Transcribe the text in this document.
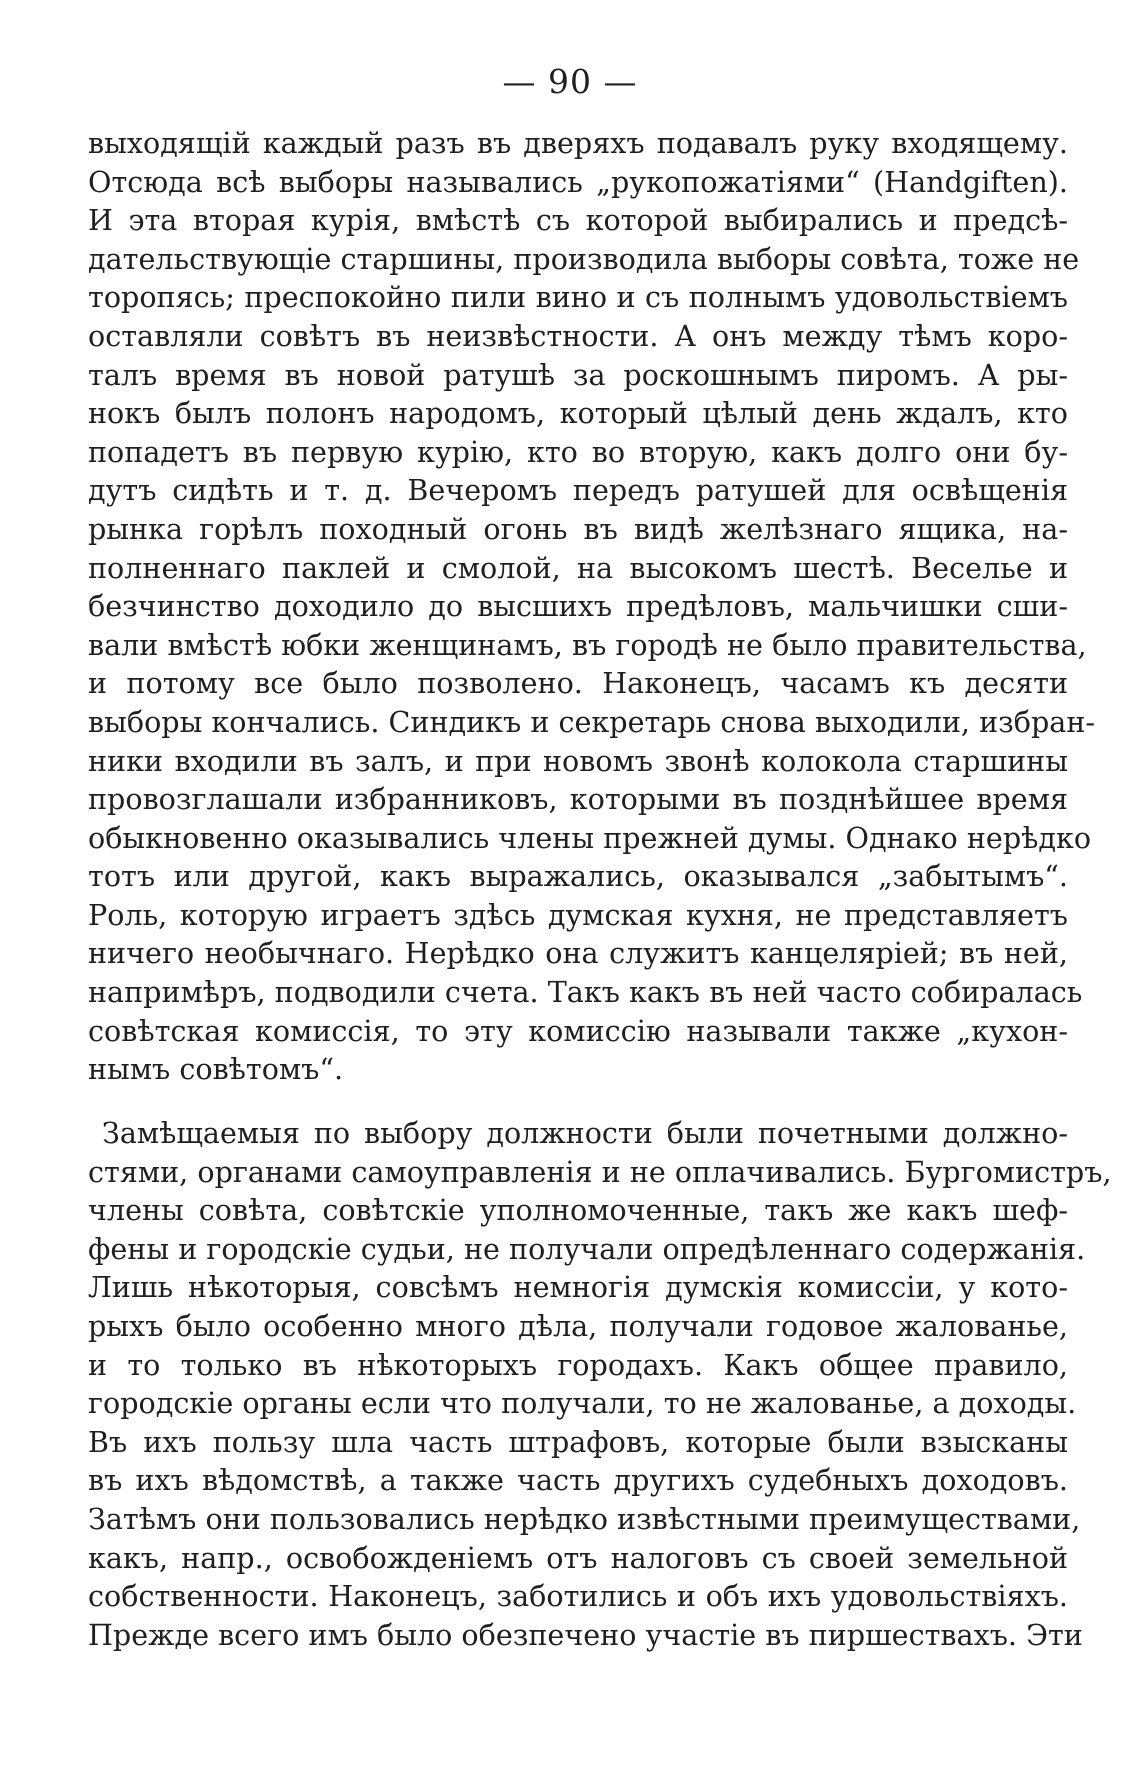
— 90 —
выходящій каждый разъ въ дверяхъ подавалъ руку входящему.
Отсюда всѣ выборы назывались „рукопожатіями“ (Handgiften).
И эта вторая курія, вмѣстѣ съ которой выбирались и предсѣ-
дательствующіе старшины, производила выборы совѣта, тоже не
торопясь; преспокойно пили вино и съ полнымъ удовольствіемъ
оставляли совѣтъ въ неизвѣстности. А онъ между тѣмъ коро-
талъ время въ новой ратушѣ за роскошнымъ пиромъ. А ры-
нокъ былъ полонъ народомъ, который цѣлый день ждалъ, кто
попадетъ въ первую курію, кто во вторую, какъ долго они бу-
дутъ сидѣть и т. д. Вечеромъ передъ ратушей для освѣщенія
рынка горѣлъ походный огонь въ видѣ желѣзнаго ящика, на-
полненнаго паклей и смолой, на высокомъ шестѣ. Веселье и
безчинство доходило до высшихъ предѣловъ, мальчишки сши-
вали вмѣстѣ юбки женщинамъ, въ городѣ не было правительства,
и потому все было позволено. Наконецъ, часамъ къ десяти
выборы кончались. Синдикъ и секретарь снова выходили, избран-
ники входили въ залъ, и при новомъ звонѣ колокола старшины
провозглашали избранниковъ, которыми въ позднѣйшее время
обыкновенно оказывались члены прежней думы. Однако нерѣдко
тотъ или другой, какъ выражались, оказывался „забытымъ“.
Роль, которую играетъ здѣсь думская кухня, не представляетъ
ничего необычнаго. Нерѣдко она служитъ канцеляріей; въ ней,
напримѣръ, подводили счета. Такъ какъ въ ней часто собиралась
совѣтская комиссія, то эту комиссію называли также „кухон-
нымъ совѣтомъ“.
Замѣщаемыя по выбору должности были почетными должно-
стями, органами самоуправленія и не оплачивались. Бургомистръ,
члены совѣта, совѣтскіе уполномоченные, такъ же какъ шеф-
фены и городскіе судьи, не получали опредѣленнаго содержанія.
Лишь нѣкоторыя, совсѣмъ немногія думскія комиссіи, у кото-
рыхъ было особенно много дѣла, получали годовое жалованье,
и то только въ нѣкоторыхъ городахъ. Какъ общее правило,
городскіе органы если что получали, то не жалованье, а доходы.
Въ ихъ пользу шла часть штрафовъ, которые были взысканы
въ ихъ вѣдомствѣ, а также часть другихъ судебныхъ доходовъ.
Затѣмъ они пользовались нерѣдко извѣстными преимуществами,
какъ, напр., освобожденіемъ отъ налоговъ съ своей земельной
собственности. Наконецъ, заботились и объ ихъ удовольствіяхъ.
Прежде всего имъ было обезпечено участіе въ пиршествахъ. Эти
